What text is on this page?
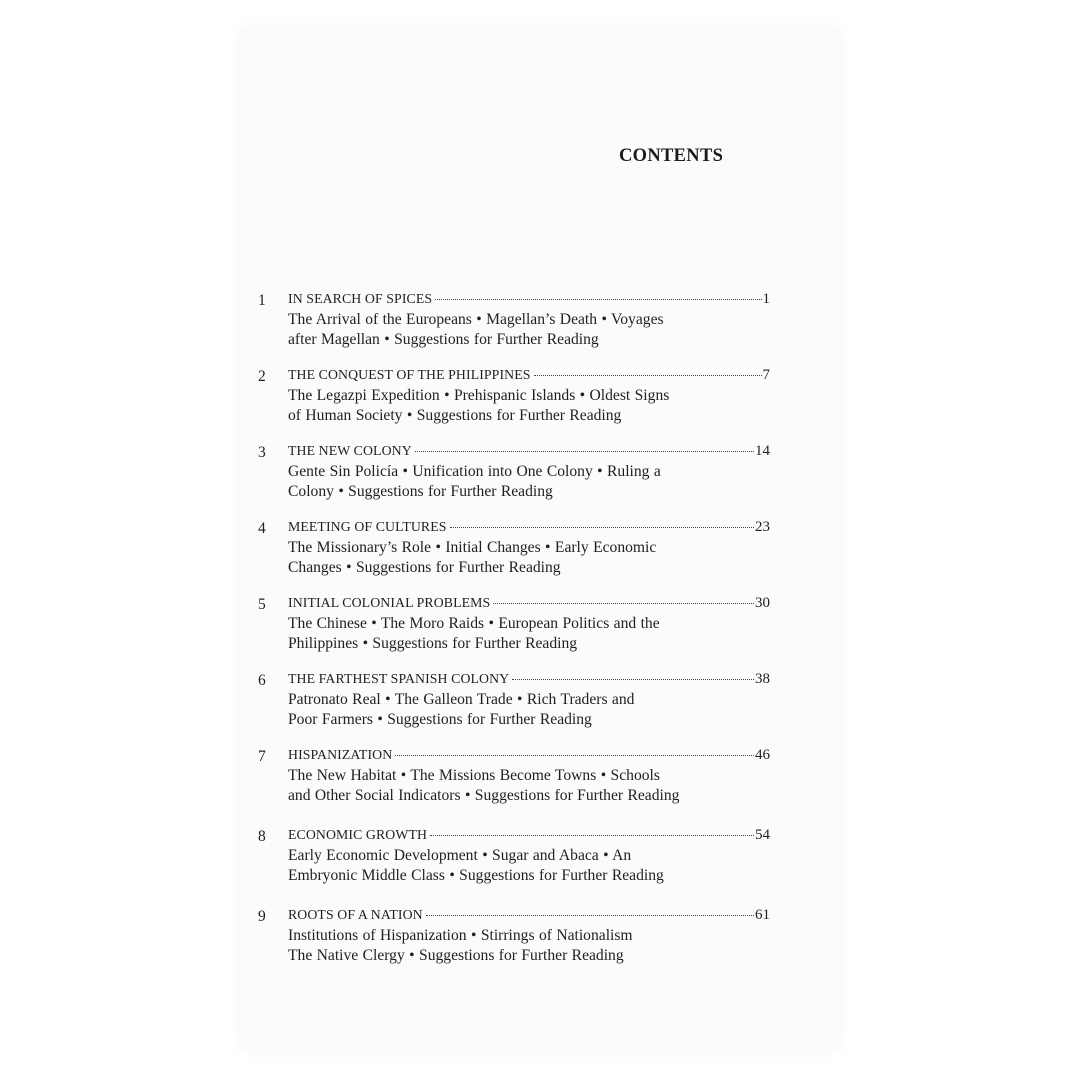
CONTENTS
1	IN SEARCH OF SPICES	1
The Arrival of the Europeans • Magellan’s Death • Voyages
after Magellan • Suggestions for Further Reading
2	THE CONQUEST OF THE PHILIPPINES	7
The Legazpi Expedition • Prehispanic Islands • Oldest Signs
of Human Society • Suggestions for Further Reading
3	THE NEW COLONY	14
Gente Sin Policía • Unification into One Colony • Ruling a
Colony • Suggestions for Further Reading
4	MEETING OF CULTURES	23
The Missionary’s Role • Initial Changes • Early Economic
Changes • Suggestions for Further Reading
5	INITIAL COLONIAL PROBLEMS	30
The Chinese • The Moro Raids • European Politics and the
Philippines • Suggestions for Further Reading
6	THE FARTHEST SPANISH COLONY	38
Patronato Real • The Galleon Trade • Rich Traders and
Poor Farmers • Suggestions for Further Reading
7	HISPANIZATION	46
The New Habitat • The Missions Become Towns • Schools
and Other Social Indicators • Suggestions for Further Reading
8	ECONOMIC GROWTH	54
Early Economic Development • Sugar and Abaca • An
Embryonic Middle Class • Suggestions for Further Reading
9	ROOTS OF A NATION	61
Institutions of Hispanization • Stirrings of Nationalism
The Native Clergy • Suggestions for Further Reading
